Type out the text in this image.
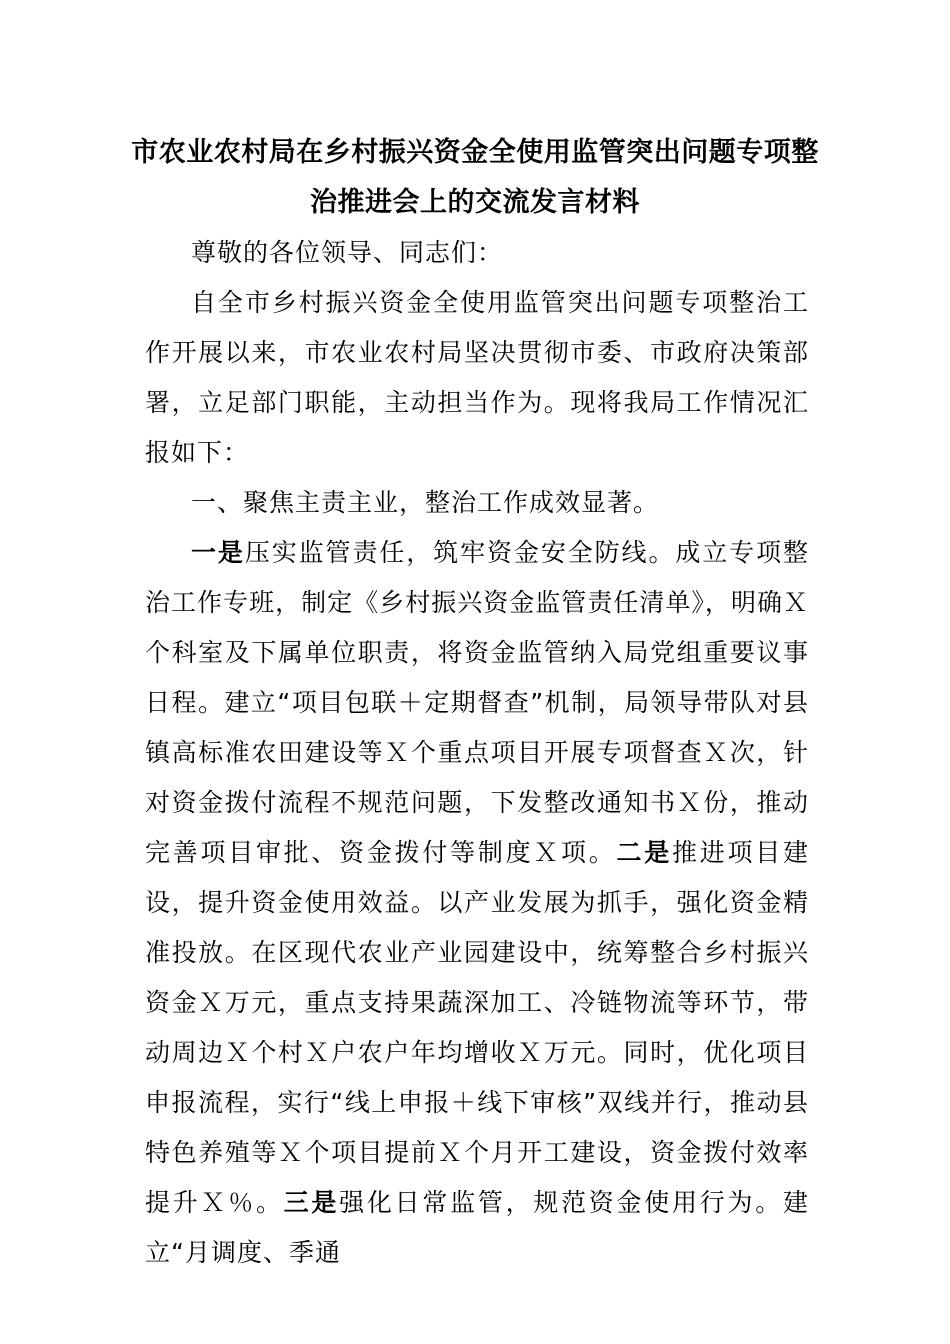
市农业农村局在乡村振兴资金全使用监管突出问题专项整治推进会上的交流发言材料

尊敬的各位领导、同志们：

自全市乡村振兴资金全使用监管突出问题专项整治工作开展以来，市农业农村局坚决贯彻市委、市政府决策部署，立足部门职能，主动担当作为。现将我局工作情况汇报如下：

一、聚焦主责主业，整治工作成效显著。

一是压实监管责任，筑牢资金安全防线。成立专项整治工作专班，制定《乡村振兴资金监管责任清单》，明确Ｘ个科室及下属单位职责，将资金监管纳入局党组重要议事日程。建立“项目包联＋定期督查”机制，局领导带队对县镇高标准农田建设等Ｘ个重点项目开展专项督查Ｘ次，针对资金拨付流程不规范问题，下发整改通知书Ｘ份，推动完善项目审批、资金拨付等制度Ｘ项。二是推进项目建设，提升资金使用效益。以产业发展为抓手，强化资金精准投放。在区现代农业产业园建设中，统筹整合乡村振兴资金Ｘ万元，重点支持果蔬深加工、冷链物流等环节，带动周边Ｘ个村Ｘ户农户年均增收Ｘ万元。同时，优化项目申报流程，实行“线上申报＋线下审核”双线并行，推动县特色养殖等Ｘ个项目提前Ｘ个月开工建设，资金拨付效率提升Ｘ％。三是强化日常监管，规范资金使用行为。建立“月调度、季通
